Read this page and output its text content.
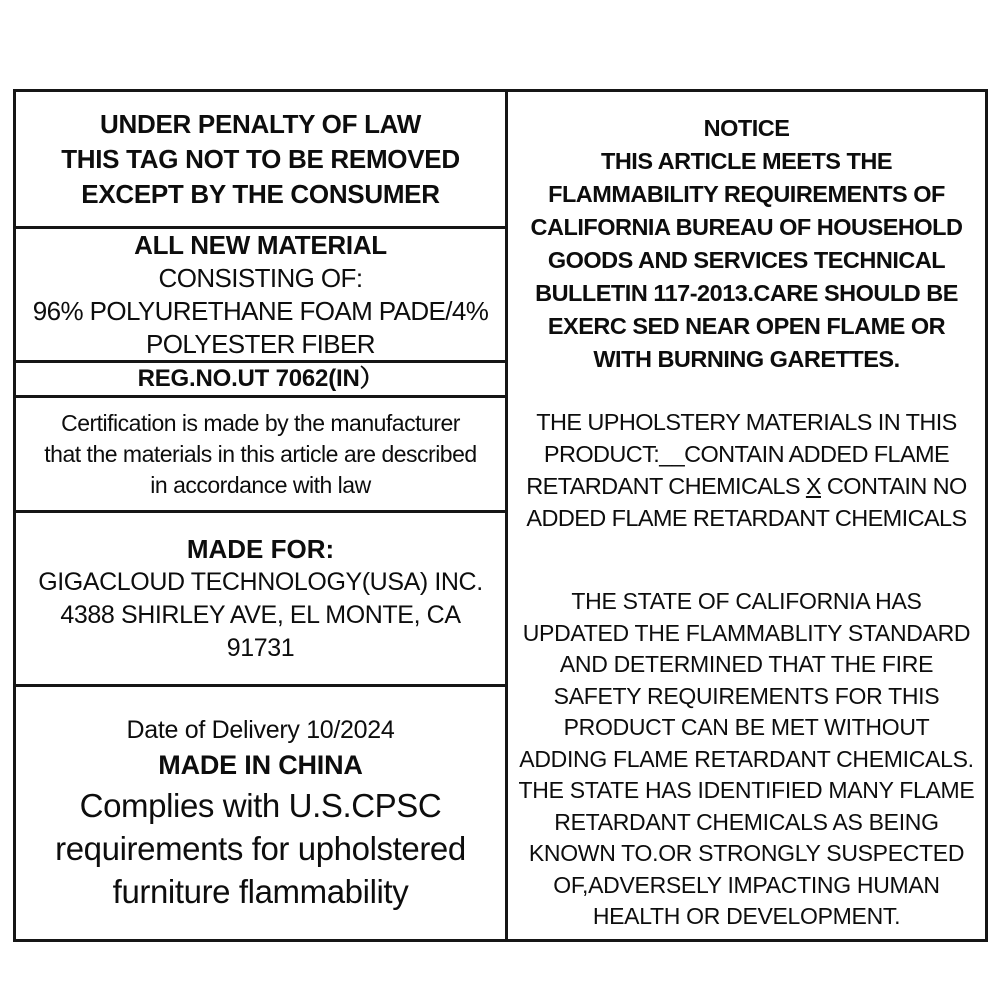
UNDER PENALTY OF LAW
THIS TAG NOT TO BE REMOVED
EXCEPT BY THE CONSUMER
ALL NEW MATERIAL
CONSISTING OF:
96% POLYURETHANE FOAM PADE/4%
POLYESTER FIBER
REG.NO.UT 7062(IN）
Certification is made by the manufacturer
that the materials in this article are described
in accordance with law
MADE FOR:
GIGACLOUD TECHNOLOGY(USA) INC.
4388 SHIRLEY AVE, EL MONTE, CA
91731
Date of Delivery 10/2024
MADE IN CHINA
Complies with U.S.CPSC
requirements for upholstered
furniture flammability
NOTICE
THIS ARTICLE MEETS THE
FLAMMABILITY REQUIREMENTS OF
CALIFORNIA BUREAU OF HOUSEHOLD
GOODS AND SERVICES TECHNICAL
BULLETIN 117-2013.CARE SHOULD BE
EXERC SED NEAR OPEN FLAME OR
WITH BURNING GARETTES.
THE UPHOLSTERY MATERIALS IN THIS
PRODUCT:__CONTAIN ADDED FLAME
RETARDANT CHEMICALS X CONTAIN NO
ADDED FLAME RETARDANT CHEMICALS
THE STATE OF CALIFORNIA HAS
UPDATED THE FLAMMABLITY STANDARD
AND DETERMINED THAT THE FIRE
SAFETY REQUIREMENTS FOR THIS
PRODUCT CAN BE MET WITHOUT
ADDING FLAME RETARDANT CHEMICALS.
THE STATE HAS IDENTIFIED MANY FLAME
RETARDANT CHEMICALS AS BEING
KNOWN TO.OR STRONGLY SUSPECTED
OF,ADVERSELY IMPACTING HUMAN
HEALTH OR DEVELOPMENT.
